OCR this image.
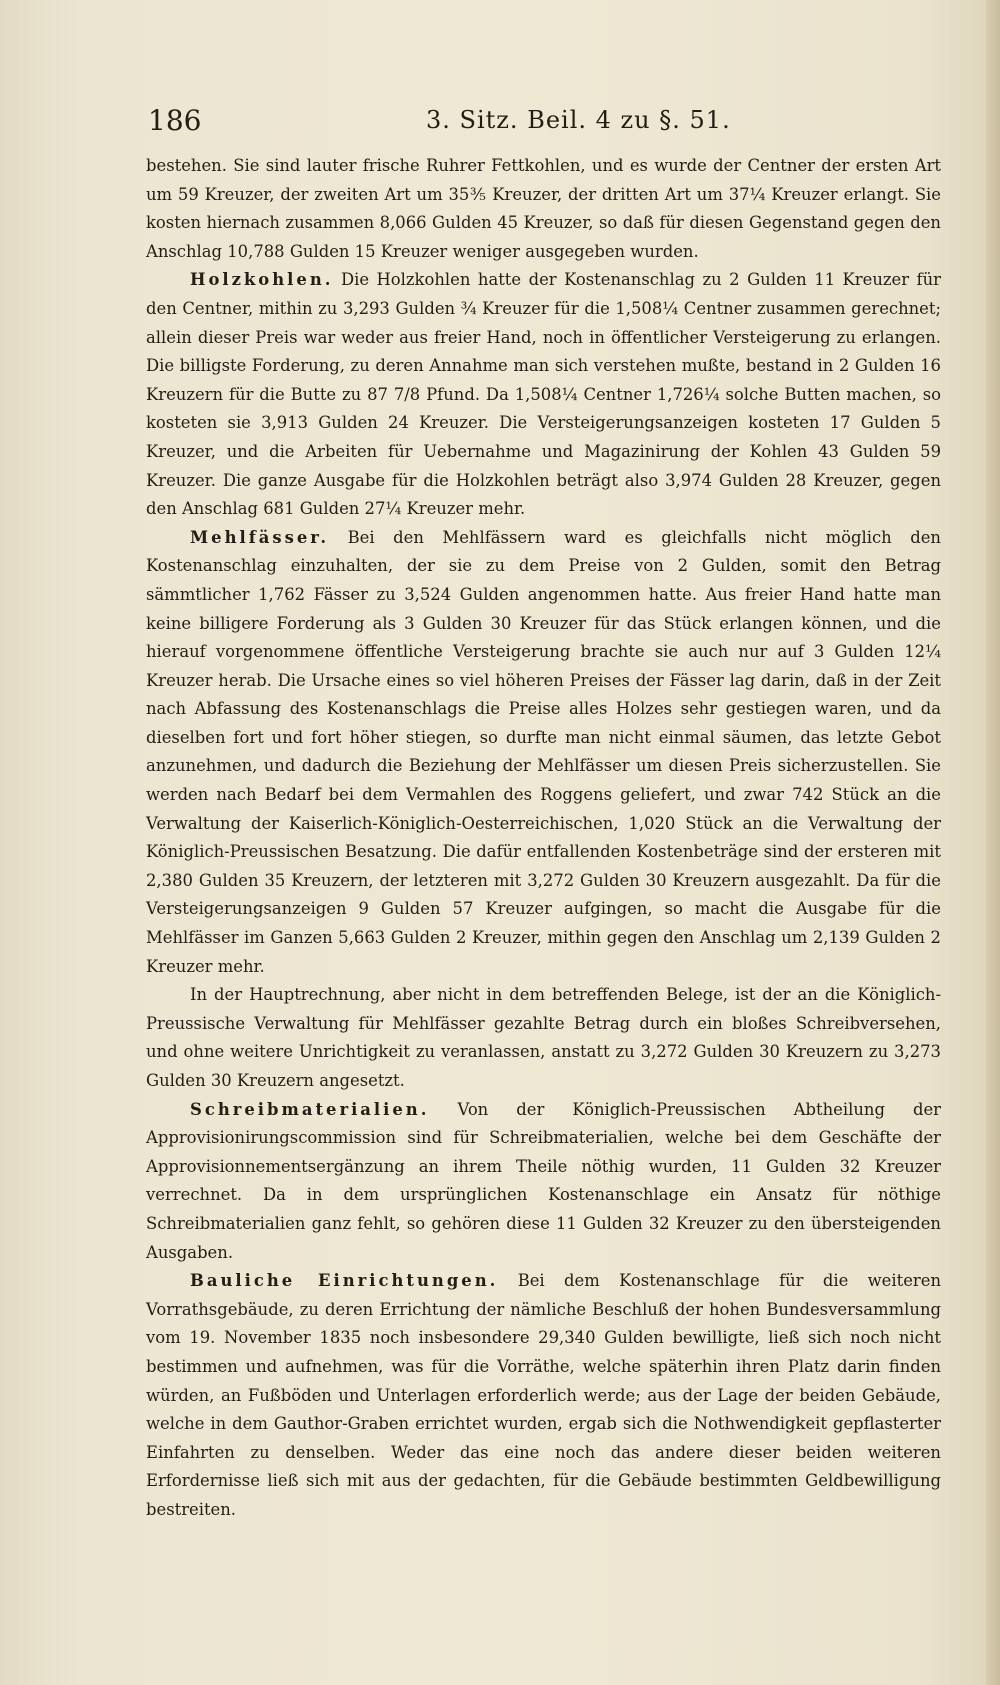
186	3. Sitz. Beil. 4 zu §. 51.

bestehen. Sie sind lauter frische Ruhrer Fettkohlen, und es wurde der Centner der ersten Art um 59 Kreuzer, der zweiten Art um 35⅗ Kreuzer, der dritten Art um 37¼ Kreuzer erlangt. Sie kosten hiernach zusammen 8,066 Gulden 45 Kreuzer, so daß für diesen Gegenstand gegen den Anschlag 10,788 Gulden 15 Kreuzer weniger ausgegeben wurden.

Holzkohlen. Die Holzkohlen hatte der Kostenanschlag zu 2 Gulden 11 Kreuzer für den Centner, mithin zu 3,293 Gulden ¾ Kreuzer für die 1,508¼ Centner zusammen gerechnet; allein dieser Preis war weder aus freier Hand, noch in öffentlicher Versteigerung zu erlangen. Die billigste Forderung, zu deren Annahme man sich verstehen mußte, bestand in 2 Gulden 16 Kreuzern für die Butte zu 87 7/8 Pfund. Da 1,508¼ Centner 1,726¼ solche Butten machen, so kosteten sie 3,913 Gulden 24 Kreuzer. Die Versteigerungsanzeigen kosteten 17 Gulden 5 Kreuzer, und die Arbeiten für Uebernahme und Magazinirung der Kohlen 43 Gulden 59 Kreuzer. Die ganze Ausgabe für die Holzkohlen beträgt also 3,974 Gulden 28 Kreuzer, gegen den Anschlag 681 Gulden 27¼ Kreuzer mehr.

Mehlfässer. Bei den Mehlfässern ward es gleichfalls nicht möglich den Kostenanschlag einzuhalten, der sie zu dem Preise von 2 Gulden, somit den Betrag sämmtlicher 1,762 Fässer zu 3,524 Gulden angenommen hatte. Aus freier Hand hatte man keine billigere Forderung als 3 Gulden 30 Kreuzer für das Stück erlangen können, und die hierauf vorgenommene öffentliche Versteigerung brachte sie auch nur auf 3 Gulden 12¼ Kreuzer herab. Die Ursache eines so viel höheren Preises der Fässer lag darin, daß in der Zeit nach Abfassung des Kostenanschlags die Preise alles Holzes sehr gestiegen waren, und da dieselben fort und fort höher stiegen, so durfte man nicht einmal säumen, das letzte Gebot anzunehmen, und dadurch die Beziehung der Mehlfässer um diesen Preis sicherzustellen. Sie werden nach Bedarf bei dem Vermahlen des Roggens geliefert, und zwar 742 Stück an die Verwaltung der Kaiserlich-Königlich-Oesterreichischen, 1,020 Stück an die Verwaltung der Königlich-Preussischen Besatzung. Die dafür entfallenden Kostenbeträge sind der ersteren mit 2,380 Gulden 35 Kreuzern, der letzteren mit 3,272 Gulden 30 Kreuzern ausgezahlt. Da für die Versteigerungsanzeigen 9 Gulden 57 Kreuzer aufgingen, so macht die Ausgabe für die Mehlfässer im Ganzen 5,663 Gulden 2 Kreuzer, mithin gegen den Anschlag um 2,139 Gulden 2 Kreuzer mehr.

In der Hauptrechnung, aber nicht in dem betreffenden Belege, ist der an die Königlich-Preussische Verwaltung für Mehlfässer gezahlte Betrag durch ein bloßes Schreibversehen, und ohne weitere Unrichtigkeit zu veranlassen, anstatt zu 3,272 Gulden 30 Kreuzern zu 3,273 Gulden 30 Kreuzern angesetzt.

Schreibmaterialien. Von der Königlich-Preussischen Abtheilung der Approvisionirungscommission sind für Schreibmaterialien, welche bei dem Geschäfte der Approvisionnementsergänzung an ihrem Theile nöthig wurden, 11 Gulden 32 Kreuzer verrechnet. Da in dem ursprünglichen Kostenanschlage ein Ansatz für nöthige Schreibmaterialien ganz fehlt, so gehören diese 11 Gulden 32 Kreuzer zu den übersteigenden Ausgaben.

Bauliche Einrichtungen. Bei dem Kostenanschlage für die weiteren Vorrathsgebäude, zu deren Errichtung der nämliche Beschluß der hohen Bundesversammlung vom 19. November 1835 noch insbesondere 29,340 Gulden bewilligte, ließ sich noch nicht bestimmen und aufnehmen, was für die Vorräthe, welche späterhin ihren Platz darin finden würden, an Fußböden und Unterlagen erforderlich werde; aus der Lage der beiden Gebäude, welche in dem Gauthor-Graben errichtet wurden, ergab sich die Nothwendigkeit gepflasterter Einfahrten zu denselben. Weder das eine noch das andere dieser beiden weiteren Erfordernisse ließ sich mit aus der gedachten, für die Gebäude bestimmten Geldbewilligung bestreiten.
